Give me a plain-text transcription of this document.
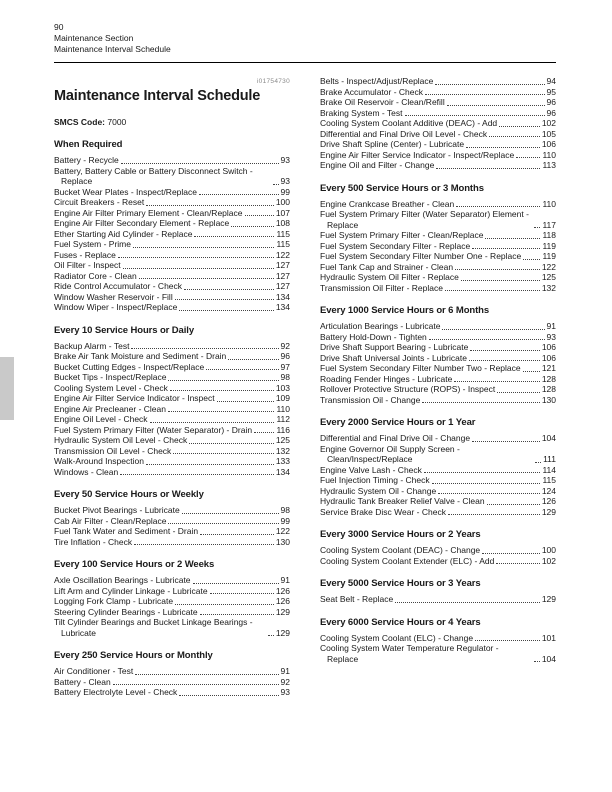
90
Maintenance Section
Maintenance Interval Schedule
i01754730
Maintenance Interval Schedule
SMCS Code: 7000
When Required
Battery - Recycle	93
Battery, Battery Cable or Battery Disconnect Switch - Replace	93
Bucket Wear Plates - Inspect/Replace	99
Circuit Breakers - Reset	100
Engine Air Filter Primary Element - Clean/Replace	107
Engine Air Filter Secondary Element - Replace	108
Ether Starting Aid Cylinder - Replace	115
Fuel System - Prime	115
Fuses - Replace	122
Oil Filter - Inspect	127
Radiator Core - Clean	127
Ride Control Accumulator - Check	127
Window Washer Reservoir - Fill	134
Window Wiper - Inspect/Replace	134
Every 10 Service Hours or Daily
Backup Alarm - Test	92
Brake Air Tank Moisture and Sediment - Drain	96
Bucket Cutting Edges - Inspect/Replace	97
Bucket Tips - Inspect/Replace	98
Cooling System Level - Check	103
Engine Air Filter Service Indicator - Inspect	109
Engine Air Precleaner - Clean	110
Engine Oil Level - Check	112
Fuel System Primary Filter (Water Separator) - Drain	116
Hydraulic System Oil Level - Check	125
Transmission Oil Level - Check	132
Walk-Around Inspection	133
Windows - Clean	134
Every 50 Service Hours or Weekly
Bucket Pivot Bearings - Lubricate	98
Cab Air Filter - Clean/Replace	99
Fuel Tank Water and Sediment - Drain	122
Tire Inflation - Check	130
Every 100 Service Hours or 2 Weeks
Axle Oscillation Bearings - Lubricate	91
Lift Arm and Cylinder Linkage - Lubricate	126
Logging Fork Clamp - Lubricate	126
Steering Cylinder Bearings - Lubricate	129
Tilt Cylinder Bearings and Bucket Linkage Bearings - Lubricate	129
Every 250 Service Hours or Monthly
Air Conditioner - Test	91
Battery - Clean	92
Battery Electrolyte Level - Check	93
Belts - Inspect/Adjust/Replace	94
Brake Accumulator - Check	95
Brake Oil Reservoir - Clean/Refill	96
Braking System - Test	96
Cooling System Coolant Additive (DEAC) - Add	102
Differential and Final Drive Oil Level - Check	105
Drive Shaft Spline (Center) - Lubricate	106
Engine Air Filter Service Indicator - Inspect/Replace	110
Engine Oil and Filter - Change	113
Every 500 Service Hours or 3 Months
Engine Crankcase Breather - Clean	110
Fuel System Primary Filter (Water Separator) Element - Replace	117
Fuel System Primary Filter - Clean/Replace	118
Fuel System Secondary Filter - Replace	119
Fuel System Secondary Filter Number One - Replace 119
Fuel Tank Cap and Strainer - Clean	122
Hydraulic System Oil Filter - Replace	125
Transmission Oil Filter - Replace	132
Every 1000 Service Hours or 6 Months
Articulation Bearings - Lubricate	91
Battery Hold-Down - Tighten	93
Drive Shaft Support Bearing - Lubricate	106
Drive Shaft Universal Joints - Lubricate	106
Fuel System Secondary Filter Number Two - Replace 121
Roading Fender Hinges - Lubricate	128
Rollover Protective Structure (ROPS) - Inspect	128
Transmission Oil - Change	130
Every 2000 Service Hours or 1 Year
Differential and Final Drive Oil - Change	104
Engine Governor Oil Supply Screen - Clean/Inspect/Replace	111
Engine Valve Lash - Check	114
Fuel Injection Timing - Check	115
Hydraulic System Oil - Change	124
Hydraulic Tank Breaker Relief Valve - Clean	126
Service Brake Disc Wear - Check	129
Every 3000 Service Hours or 2 Years
Cooling System Coolant (DEAC) - Change	100
Cooling System Coolant Extender (ELC) - Add	102
Every 5000 Service Hours or 3 Years
Seat Belt - Replace	129
Every 6000 Service Hours or 4 Years
Cooling System Coolant (ELC) - Change	101
Cooling System Water Temperature Regulator - Replace	104
